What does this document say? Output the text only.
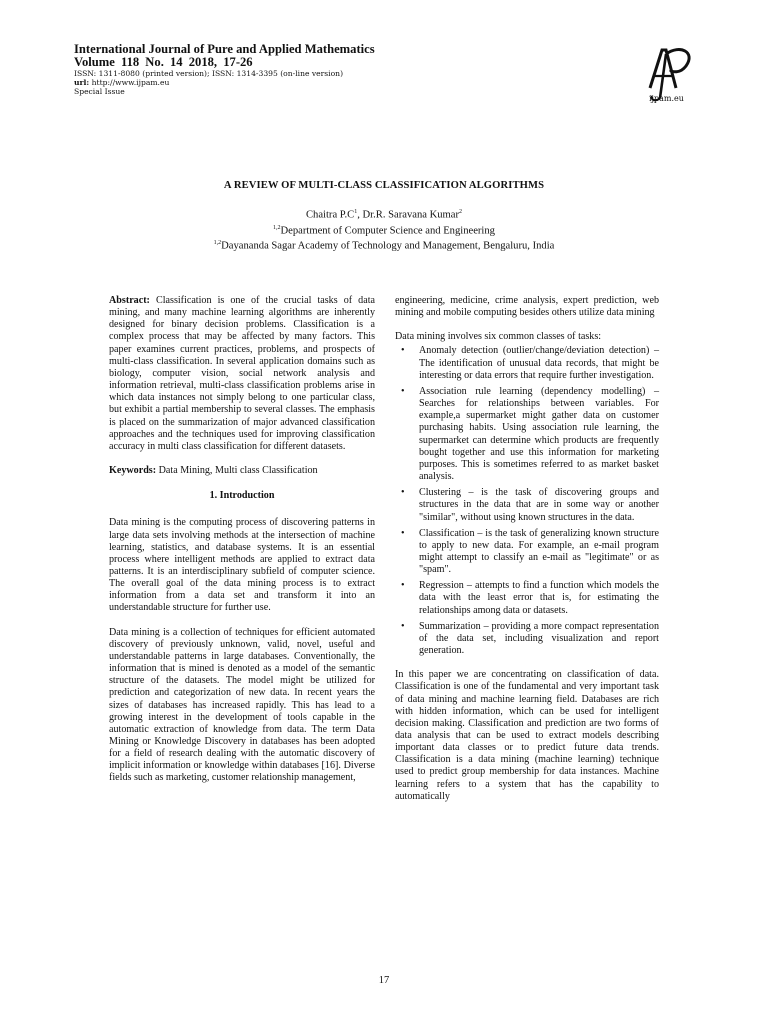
International Journal of Pure and Applied Mathematics
Volume 118 No. 14 2018, 17-26
ISSN: 1311-8080 (printed version); ISSN: 1314-3395 (on-line version)
url: http://www.ijpam.eu
Special Issue
ijpam.eu
A REVIEW OF MULTI-CLASS CLASSIFICATION ALGORITHMS
Chaitra $P.C^1$, Dr.R. Saravana Kumar$^2$
$^{1,2}$Department of Computer Science and Engineering
$^{1,2}$Dayananda Sagar Academy of Technology and Management, Bengaluru, India

Abstract: Classification is one of the crucial tasks of data mining, and many machine learning algorithms are inherently designed for binary decision problems. Classification is a complex process that may be affected by many factors. This paper examines current practices, problems, and prospects of multi-class classification. In several application domains such as biology, computer vision, social network analysis and information retrieval, multi-class classification problems arise in which data instances not simply belong to one particular class, but exhibit a partial membership to several classes. The emphasis is placed on the summarization of major advanced classification approaches and the techniques used for improving classification accuracy in multi class classification for different datasets.

Keywords: Data Mining, Multi class Classification

1. Introduction

Data mining is the computing process of discovering patterns in large data sets involving methods at the intersection of machine learning, statistics, and database systems. It is an essential process where intelligent methods are applied to extract data patterns. It is an interdisciplinary subfield of computer science. The overall goal of the data mining process is to extract information from a data set and transform it into an understandable structure for further use.

Data mining is a collection of techniques for efficient automated discovery of previously unknown, valid, novel, useful and understandable patterns in large databases. Conventionally, the information that is mined is denoted as a model of the semantic structure of the datasets. The model might be utilized for prediction and categorization of new data. In recent years the sizes of databases has increased rapidly. This has lead to a growing interest in the development of tools capable in the automatic extraction of knowledge from data. The term Data Mining or Knowledge Discovery in databases has been adopted for a field of research dealing with the automatic discovery of implicit information or knowledge within databases [16]. Diverse fields such as marketing, customer relationship management,

engineering, medicine, crime analysis, expert prediction, web mining and mobile computing besides others utilize data mining

Data mining involves six common classes of tasks:
• Anomaly detection (outlier/change/deviation detection) – The identification of unusual data records, that might be interesting or data errors that require further investigation.
• Association rule learning (dependency modelling) – Searches for relationships between variables. For example,a supermarket might gather data on customer purchasing habits. Using association rule learning, the supermarket can determine which products are frequently bought together and use this information for marketing purposes. This is sometimes referred to as market basket analysis.
• Clustering – is the task of discovering groups and structures in the data that are in some way or another "similar", without using known structures in the data.
• Classification – is the task of generalizing known structure to apply to new data. For example, an e-mail program might attempt to classify an e-mail as "legitimate" or as "spam".
• Regression – attempts to find a function which models the data with the least error that is, for estimating the relationships among data or datasets.
• Summarization – providing a more compact representation of the data set, including visualization and report generation.

In this paper we are concentrating on classification of data. Classification is one of the fundamental and very important task of data mining and machine learning field. Databases are rich with hidden information, which can be used for intelligent decision making. Classification and prediction are two forms of data analysis that can be used to extract models describing important data classes or to predict future data trends. Classification is a data mining (machine learning) technique used to predict group membership for data instances. Machine learning refers to a system that has the capability to automatically

17
